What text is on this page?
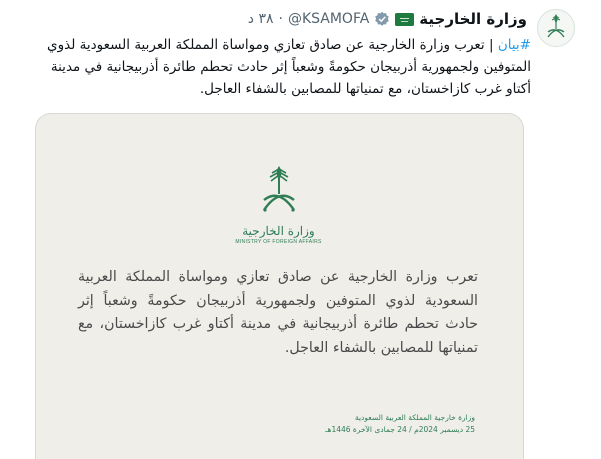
وزارة الخارجية
@KSAMOFA
·
٣٨ د
#بيان | تعرب وزارة الخارجية عن صادق تعازي ومواساة المملكة العربية السعودية لذوي المتوفين ولجمهورية أذربيجان حكومةً وشعباً إثر حادث تحطم طائرة أذربيجانية في مدينة أكتاو غرب كازاخستان، مع تمنياتها للمصابين بالشفاء العاجل.
وزارة الخارجية
MINISTRY OF FOREIGN AFFAIRS
تعرب وزارة الخارجية عن صادق تعازي ومواساة المملكة العربية السعودية لذوي المتوفين ولجمهورية أذربيجان حكومةً وشعباً إثر حادث تحطم طائرة أذربيجانية في مدينة أكتاو غرب كازاخستان، مع تمنياتها للمصابين بالشفاء العاجل.
وزارة خارجية المملكة العربية السعودية
25 ديسمبر 2024م / 24 جمادى الآخرة 1446هـ
